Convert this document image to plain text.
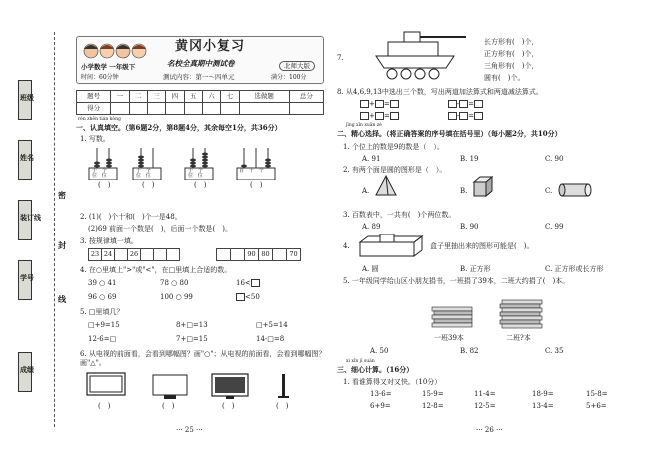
班级
姓名
装订线
学号
成绩
密
封
线
黄冈小复习
名校全真期中测试卷
小学数学 一年级下	北师大版
时间：60分钟	测试内容：第一～四单元	满分：100分
题号	一	二	三	四	五	六	七	选做题	总分
得分									
rèn zhēn tián kòng
一、认真填空。（第6题2分，第8题4分，其余每空1分，共36分）
1. 写数。
十 个
位 位
十 个
位 位
十 个
位 位
百 十 个
(　)	(　)	(　)	(　)
2. (1)(　)个十和(　)个一是48。
(2)69 前面一个数是(　)，后面一个数是(　)。
3. 按规律填一填。
23	24		26			
			90	80		70
4. 在○里填上">"或"<"，在□里填上合适的数。
39 ○ 41	78 ○ 80	16<
96 ○ 69	100 ○ 99	<50
5. □里填几？
□+9=15	8+□=13	□+5=14
12-6=□	7+□=15	14-□=8
6. 从电视的前面看，会看到哪幅图？画"○"；从电视的前面看，会看到哪幅图？画"△"。
(　)	(　)	(　)	(　)
··· 25 ···
7.
长方形有(　)个，
正方形有(　)个，
三角形有(　)个，
圆有(　)个。
8. 从4,6,9,13中选出三个数，写出两道加法算式和两道减法算式。
+ =　　　　　　　	- =
+ =　　　　　　　	- =
jīng xīn xuǎn zé
二、精心选择。（将正确答案的序号填在括号里）（每小题2分，共10分）
1. 个位上的数是9的数是（　）。
A. 91	B. 19	C. 90
2. 有两个面是圆的图形是（　）。
A.	B.	C.
3. 百数表中，一共有(　)个两位数。
A. 89	B. 90	C. 99
4.	盒子里抽出来的图形可能是(　)。
A. 圆	B. 正方形	C. 正方形或长方形
5. 一年级同学给山区小朋友捐书，一班捐了39本，二班大约捐了(　)本。
一班39本	二班?本
A. 50	B. 82	C. 35
xì xīn jì suàn
三、细心计算。（16分）
1. 看谁算得又对又快。（10分）
13-6=	15-9=	11-4=	18-9=	15-8=
6+9=	12-8=	12-5=	13-4=	5+6=
··· 26 ···
